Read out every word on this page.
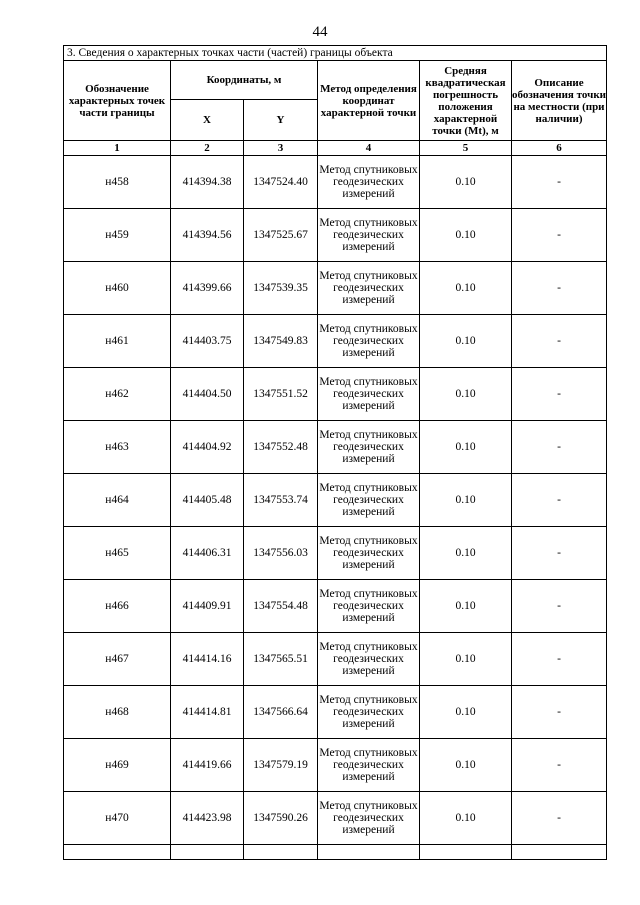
44
3. Сведения о характерных точках части (частей) границы объекта					
Обозначение характерных точек части границы	Координаты, м		Метод определения координат характерной точки	Средняя квадратическая погрешность положения характерной точки (Mt), м	Описание обозначения точки на местности (при наличии)
	X	Y			
1	2	3	4	5	6
н458	414394.38	1347524.40	Метод спутниковых геодезических измерений	0.10	-
н459	414394.56	1347525.67	Метод спутниковых геодезических измерений	0.10	-
н460	414399.66	1347539.35	Метод спутниковых геодезических измерений	0.10	-
н461	414403.75	1347549.83	Метод спутниковых геодезических измерений	0.10	-
н462	414404.50	1347551.52	Метод спутниковых геодезических измерений	0.10	-
н463	414404.92	1347552.48	Метод спутниковых геодезических измерений	0.10	-
н464	414405.48	1347553.74	Метод спутниковых геодезических измерений	0.10	-
н465	414406.31	1347556.03	Метод спутниковых геодезических измерений	0.10	-
н466	414409.91	1347554.48	Метод спутниковых геодезических измерений	0.10	-
н467	414414.16	1347565.51	Метод спутниковых геодезических измерений	0.10	-
н468	414414.81	1347566.64	Метод спутниковых геодезических измерений	0.10	-
н469	414419.66	1347579.19	Метод спутниковых геодезических измерений	0.10	-
н470	414423.98	1347590.26	Метод спутниковых геодезических измерений	0.10	-
